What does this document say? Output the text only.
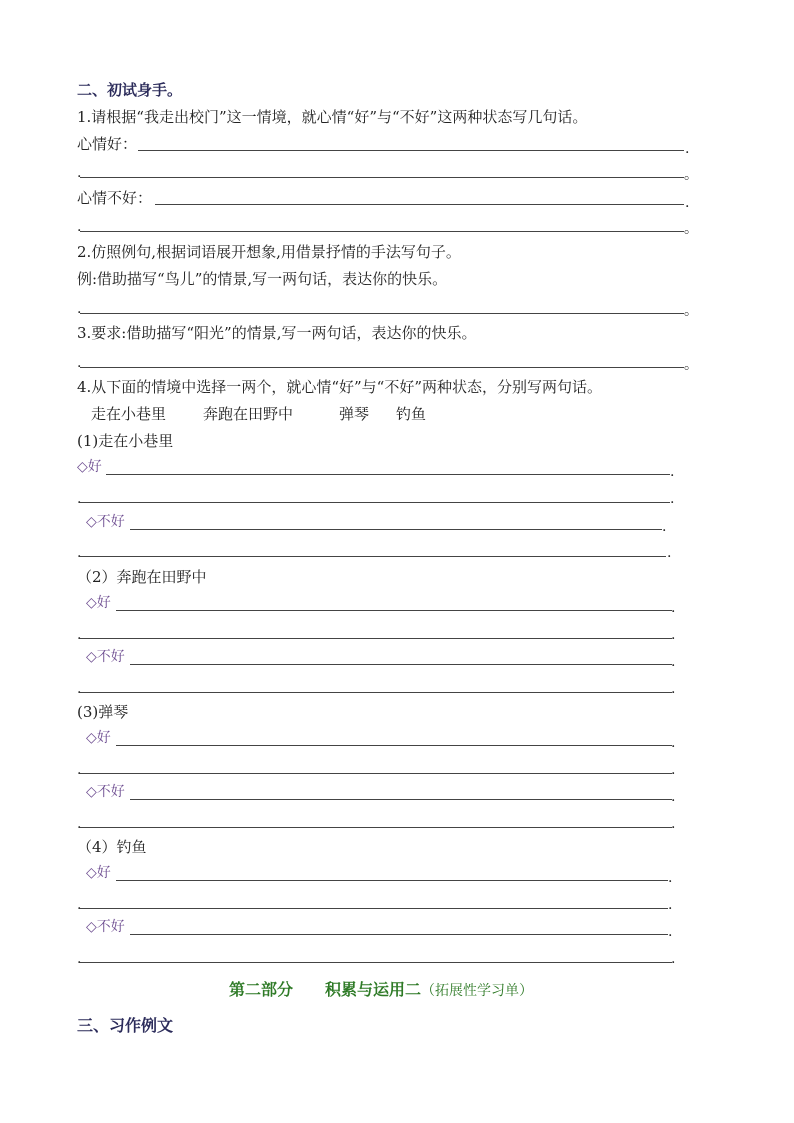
二、初试身手。
1.请根据“我走出校门”这一情境，就心情“好”与“不好”这两种状态写几句话。
心情好：	.
.	。
心情不好：	.
.	。
2.仿照例句,根据词语展开想象,用借景抒情的手法写句子。
例:借助描写“鸟儿”的情景,写一两句话，表达你的快乐。
.	。
3.要求:借助描写“阳光”的情景,写一两句话，表达你的快乐。
.	。
4.从下面的情境中选择一两个，就心情“好”与“不好”两种状态，分别写两句话。
走在小巷里 奔跑在田野中	弹琴 钓鱼
(1)走在小巷里
◇好	.
.	.
◇不好	.
.	.
（2）奔跑在田野中
◇好	.
.	.
◇不好	.
.	.
(3)弹琴
◇好	.
.	.
◇不好	.
.	.
（4）钓鱼
◇好	.
.	.
◇不好	.
.	.
第二部分　　积累与运用二（拓展性学习单）
三、习作例文
